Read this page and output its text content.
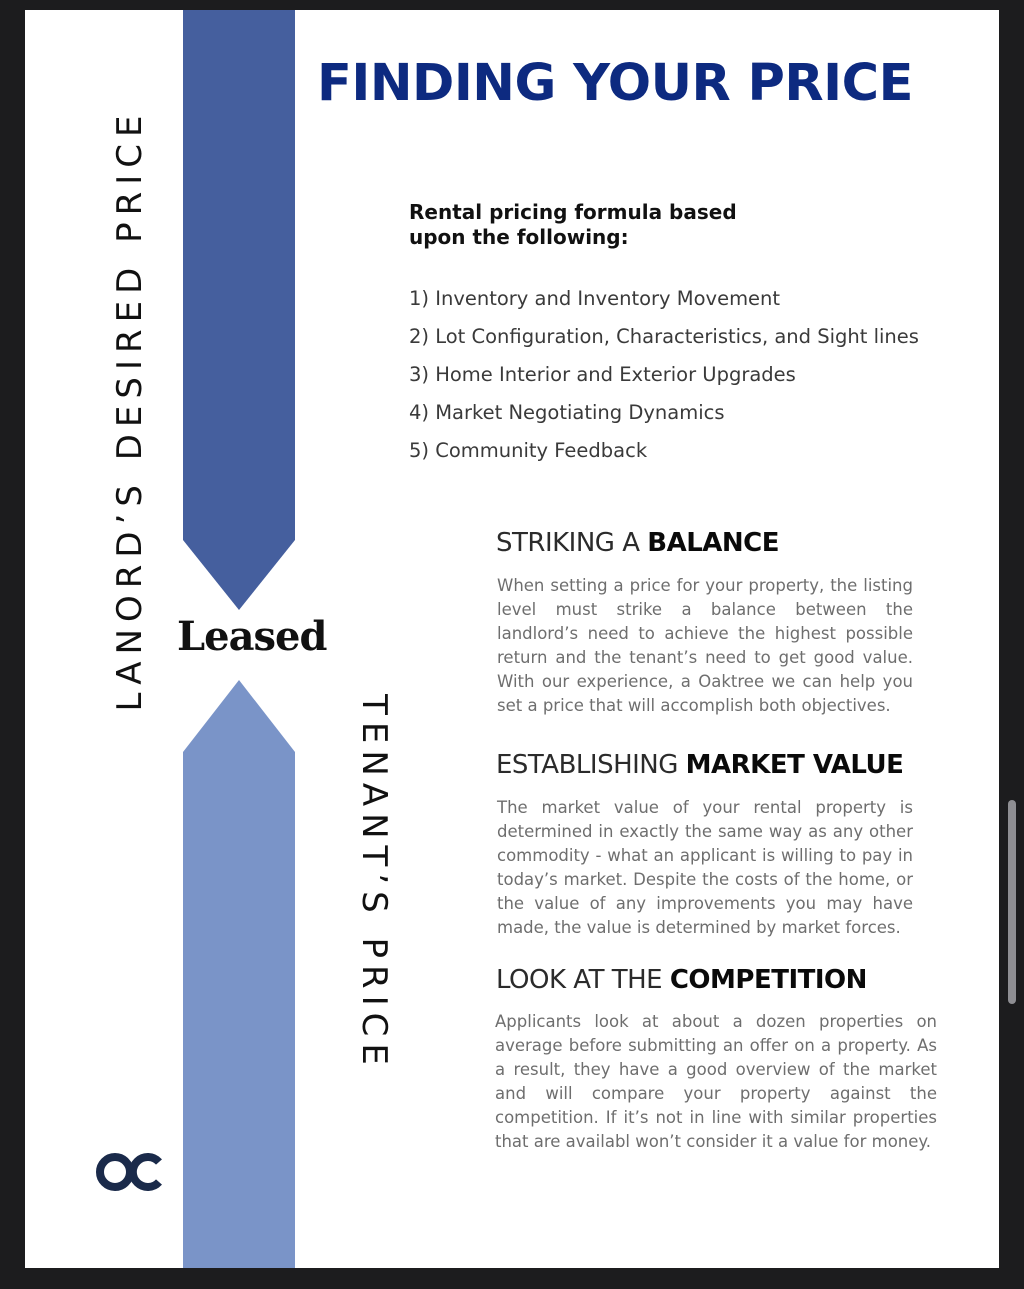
LANORD’S DESIRED PRICE
TENANT’S PRICE
Leased
FINDING YOUR PRICE
Rental pricing formula based
upon the following:
1) Inventory and Inventory Movement
2) Lot Configuration, Characteristics, and Sight lines
3) Home Interior and Exterior Upgrades
4) Market Negotiating Dynamics
5) Community Feedback
STRIKING A BALANCE
When setting a price for your property, the listing level must strike a balance between the landlord’s need to achieve the highest possible return and the tenant’s need to get good value. With our experience, a Oaktree we can help you set a price that will accomplish both objectives.
ESTABLISHING MARKET VALUE
The market value of your rental property is determined in exactly the same way as any other commodity - what an applicant is willing to pay in today’s market. Despite the costs of the home, or the value of any improvements you may have made, the value is determined by market forces.
LOOK AT THE COMPETITION
Applicants look at about a dozen properties on average before submitting an offer on a property. As a result, they have a good overview of the market and will compare your property against the competition. If it’s not in line with similar properties that are availabl won’t consider it a value for money.
